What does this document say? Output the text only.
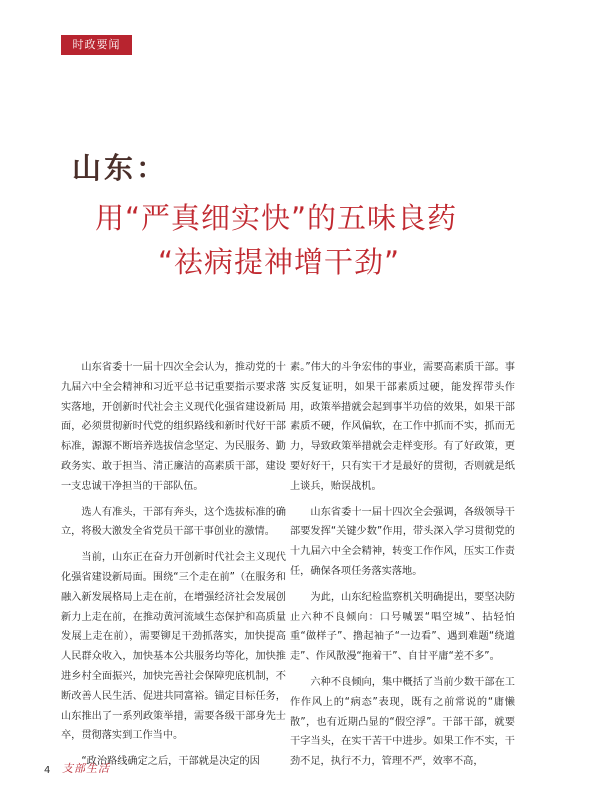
时政要闻
山东：
用“严真细实快”的五味良药
“祛病提神增干劲”

山东省委十一届十四次全会认为，推动党的十九届六中全会精神和习近平总书记重要指示要求落实落地，开创新时代社会主义现代化强省建设新局面，必须贯彻新时代党的组织路线和新时代好干部标准，源源不断培养选拔信念坚定、为民服务、勤政务实、敢于担当、清正廉洁的高素质干部，建设一支忠诚干净担当的干部队伍。

选人有准头，干部有奔头，这个选拔标准的确立，将极大激发全省党员干部干事创业的激情。

当前，山东正在奋力开创新时代社会主义现代化强省建设新局面。围绕“三个走在前”（在服务和融入新发展格局上走在前，在增强经济社会发展创新力上走在前，在推动黄河流域生态保护和高质量发展上走在前），需要铆足干劲抓落实，加快提高人民群众收入，加快基本公共服务均等化，加快推进乡村全面振兴，加快完善社会保障兜底机制，不断改善人民生活、促进共同富裕。锚定目标任务，山东推出了一系列政策举措，需要各级干部身先士卒，贯彻落实到工作当中。

“政治路线确定之后，干部就是决定的因

素。”伟大的斗争宏伟的事业，需要高素质干部。事实反复证明，如果干部素质过硬，能发挥带头作用，政策举措就会起到事半功倍的效果，如果干部素质不硬，作风偏软，在工作中抓而不实，抓而无力，导致政策举措就会走样变形。有了好政策，更要好好干，只有实干才是最好的贯彻，否则就是纸上谈兵，贻误战机。

山东省委十一届十四次全会强调，各级领导干部要发挥“关键少数”作用，带头深入学习贯彻党的十九届六中全会精神，转变工作作风，压实工作责任，确保各项任务落实落地。

为此，山东纪检监察机关明确提出，要坚决防止六种不良倾向：口号喊罢“唱空城”、拈轻怕重“做样子”、撸起袖子“一边看”、遇到难题“绕道走”、作风散漫“拖着干”、自甘平庸“差不多”。

六种不良倾向，集中概括了当前少数干部在工作作风上的“病态”表现，既有之前常说的“庸懒散”，也有近期凸显的“假空浮”。干部干部，就要干字当头，在实干苦干中进步。如果工作不实，干劲不足，执行不力，管理不严，效率不高，

4 支部生活
